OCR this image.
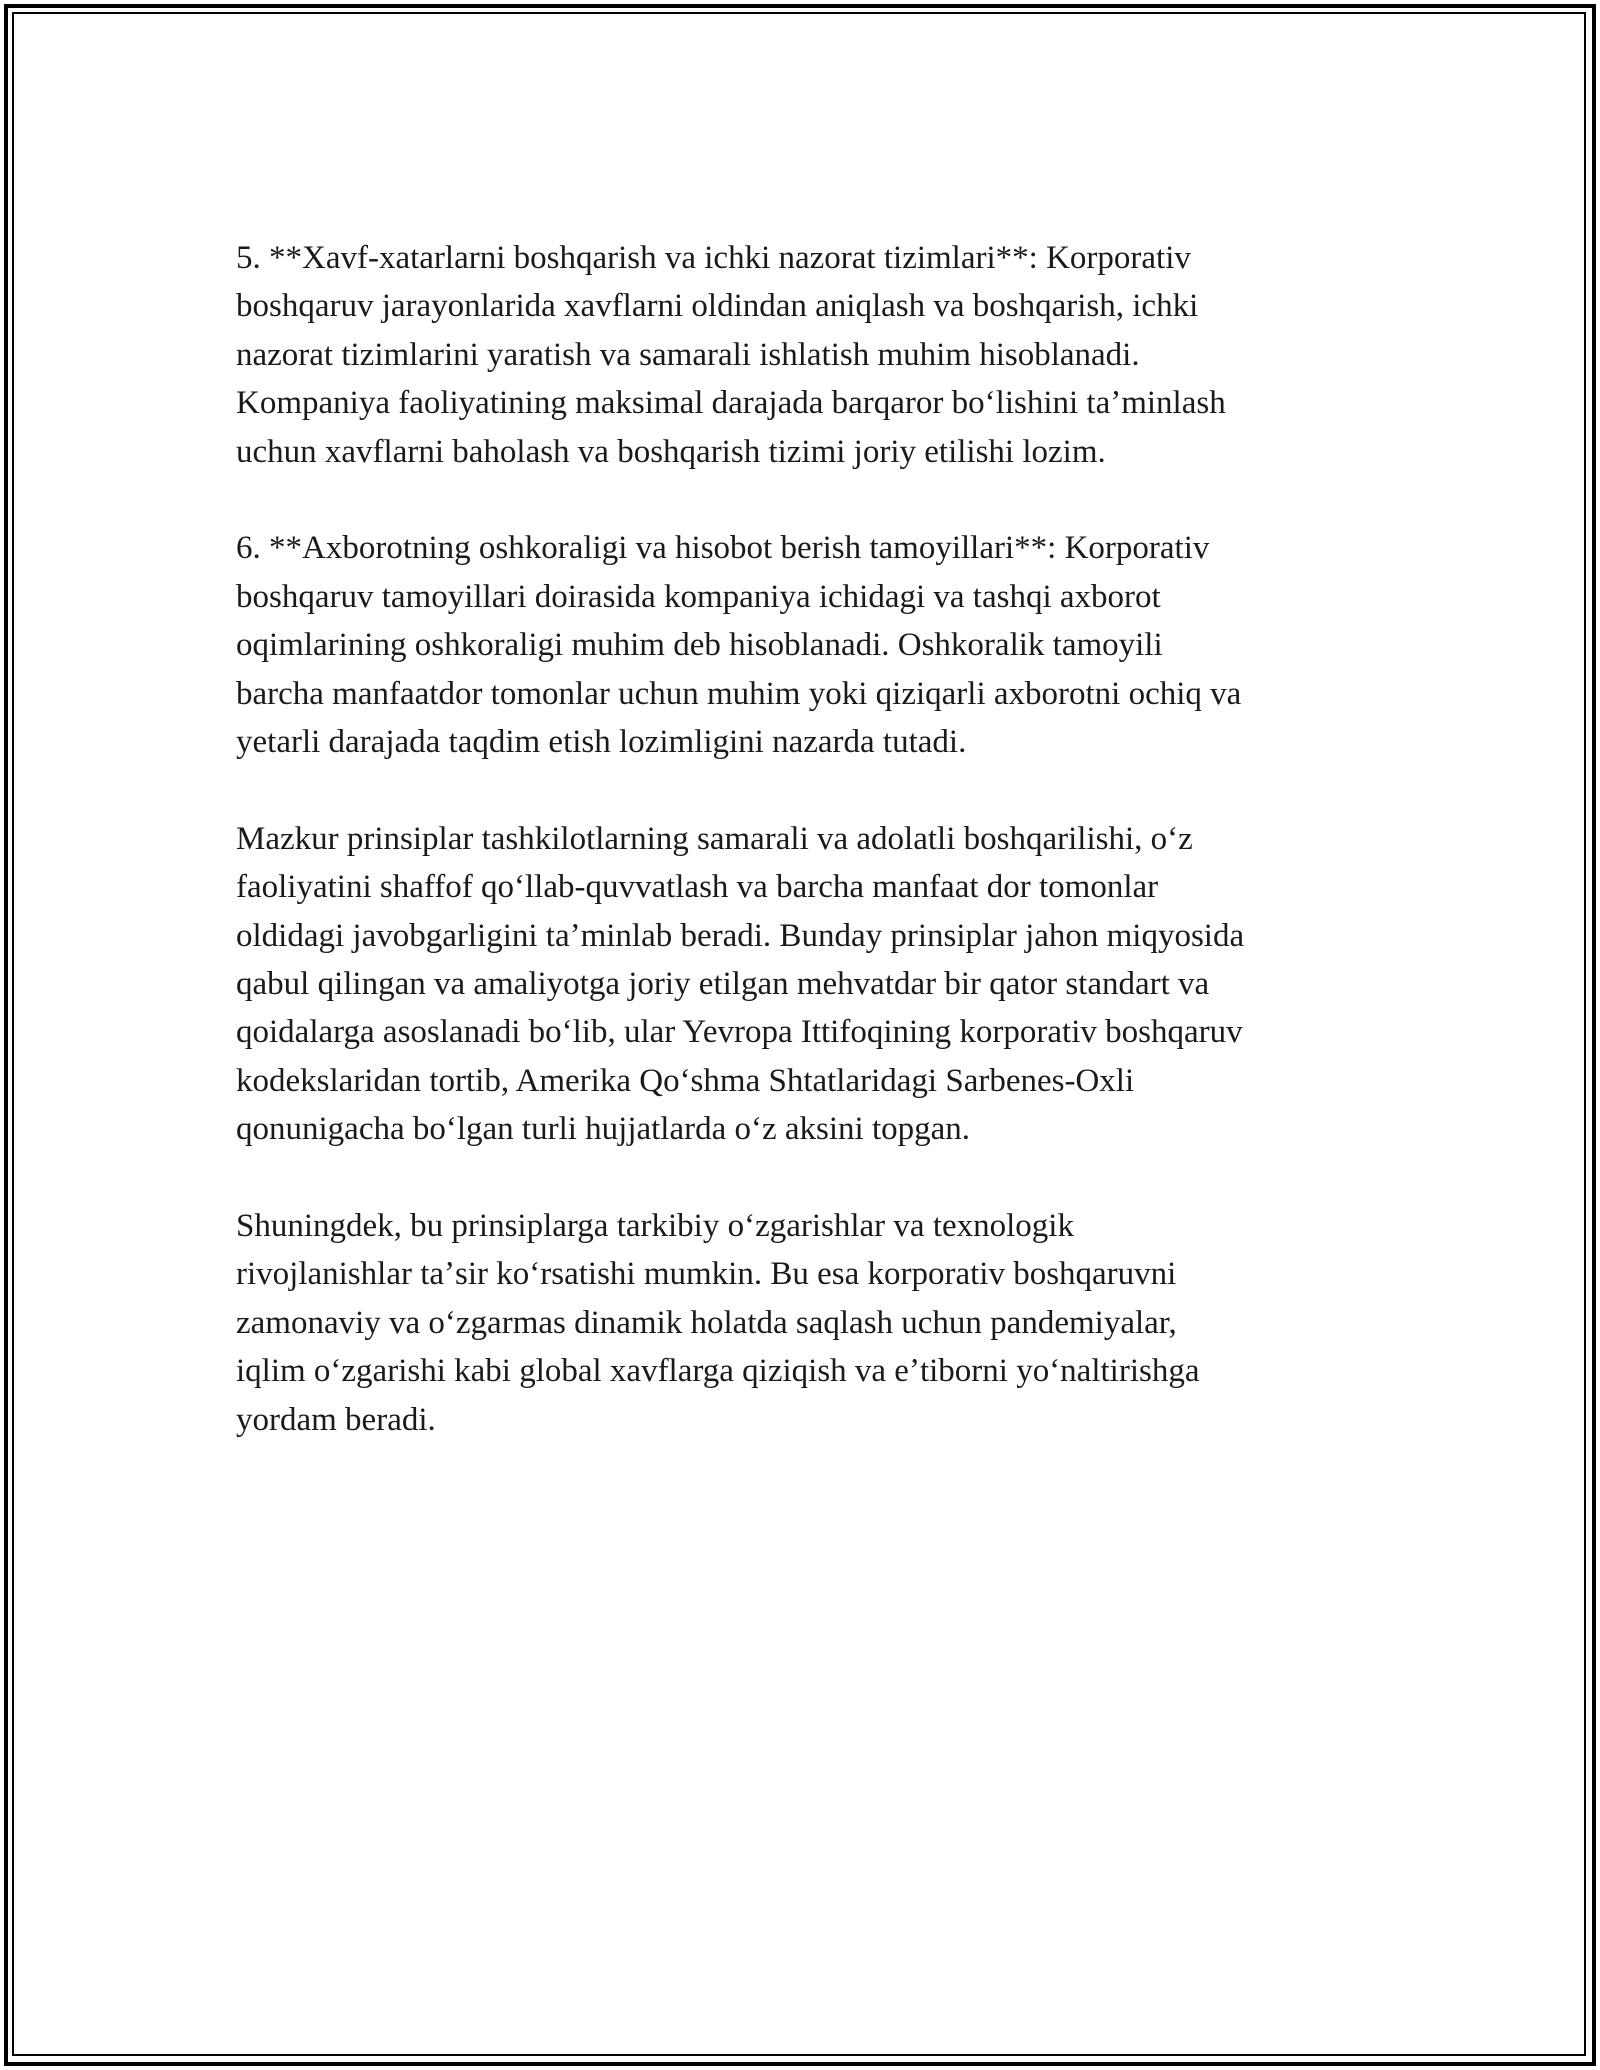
5. **Xavf-xatarlarni boshqarish va ichki nazorat tizimlari**: Korporativ
boshqaruv jarayonlarida xavflarni oldindan aniqlash va boshqarish, ichki
nazorat tizimlarini yaratish va samarali ishlatish muhim hisoblanadi.
Kompaniya faoliyatining maksimal darajada barqaror boʻlishini taʼminlash
uchun xavflarni baholash va boshqarish tizimi joriy etilishi lozim.

6. **Axborotning oshkoraligi va hisobot berish tamoyillari**: Korporativ
boshqaruv tamoyillari doirasida kompaniya ichidagi va tashqi axborot
oqimlarining oshkoraligi muhim deb hisoblanadi. Oshkoralik tamoyili
barcha manfaatdor tomonlar uchun muhim yoki qiziqarli axborotni ochiq va
yetarli darajada taqdim etish lozimligini nazarda tutadi.

Mazkur prinsiplar tashkilotlarning samarali va adolatli boshqarilishi, oʻz
faoliyatini shaffof qoʻllab-quvvatlash va barcha manfaat dor tomonlar
oldidagi javobgarligini taʼminlab beradi. Bunday prinsiplar jahon miqyosida
qabul qilingan va amaliyotga joriy etilgan mehvatdar bir qator standart va
qoidalarga asoslanadi boʻlib, ular Yevropa Ittifoqining korporativ boshqaruv
kodekslaridan tortib, Amerika Qoʻshma Shtatlaridagi Sarbenes-Oxli
qonunigacha boʻlgan turli hujjatlarda oʻz aksini topgan.

Shuningdek, bu prinsiplarga tarkibiy oʻzgarishlar va texnologik
rivojlanishlar taʼsir koʻrsatishi mumkin. Bu esa korporativ boshqaruvni
zamonaviy va oʻzgarmas dinamik holatda saqlash uchun pandemiyalar,
iqlim oʻzgarishi kabi global xavflarga qiziqish va eʼtiborni yoʻnaltirishga
yordam beradi.
